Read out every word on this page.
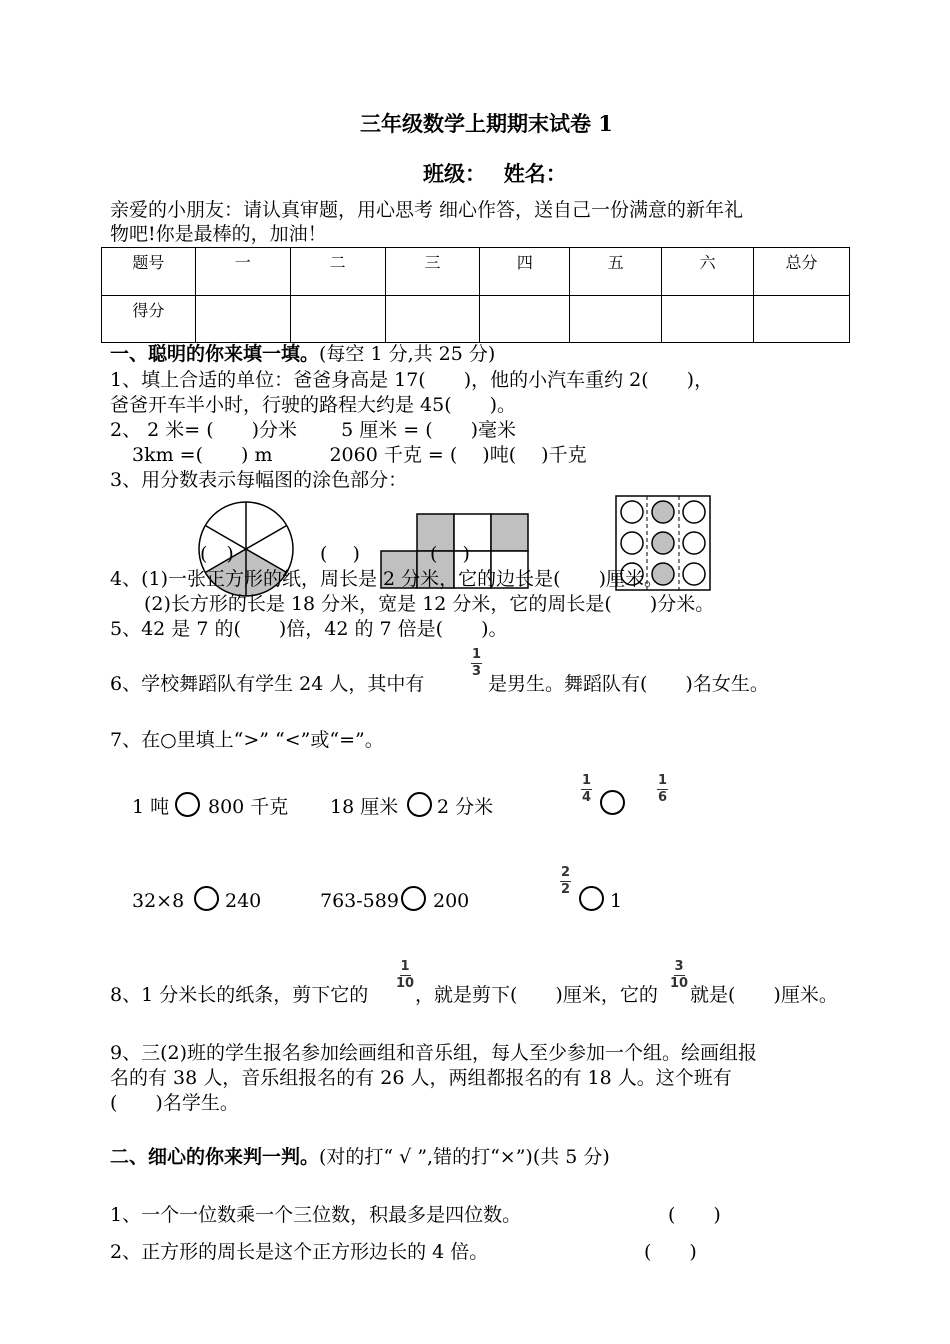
三年级数学上期期末试卷 1
班级：　 姓名：
亲爱的小朋友：请认真审题，用心思考 细心作答，送自己一份满意的新年礼
物吧!你是最棒的，加油！
题号	一	二	三	四	五	六	总分
得分							
一、聪明的你来填一填。(每空 1 分,共 25 分)
1、填上合适的单位：爸爸身高是 17(　　)，他的小汽车重约 2(　　)，
爸爸开车半小时，行驶的路程大约是 45(　　)。
2、 2 米= (　　)分米　　 5 厘米 = (　　)毫米
3km =(　　) m　　　2060 千克 = (　 )吨(　 )千克
3、用分数表示每幅图的涂色部分：
(　)	(　 )	(　 )
4、(1)一张正方形的纸，周长是 2 分米，它的边长是(　　)厘米。
(2)长方形的长是 18 分米，宽是 12 分米，它的周长是(　　)分米。
5、42 是 7 的(　　)倍，42 的 7 倍是(　　)。
6、学校舞蹈队有学生 24 人，其中有
1
3
是男生。舞蹈队有(　　)名女生。
7、在○里填上“>” “<”或“=”。
1 吨 800 千克 18 厘米 2 分米
1
4
1
6
32×8 240	763-589 200
2
2
1
8、1 分米长的纸条，剪下它的
1
10
，就是剪下(　　)厘米，它的
3
10
就是(　　)厘米。
9、三(2)班的学生报名参加绘画组和音乐组，每人至少参加一个组。绘画组报
名的有 38 人，音乐组报名的有 26 人，两组都报名的有 18 人。这个班有
(　　)名学生。
二、细心的你来判一判。(对的打“ √ ”,错的打“×”)(共 5 分)
1、一个一位数乘一个三位数，积最多是四位数。	(　　)
2、正方形的周长是这个正方形边长的 4 倍。	(　　)
